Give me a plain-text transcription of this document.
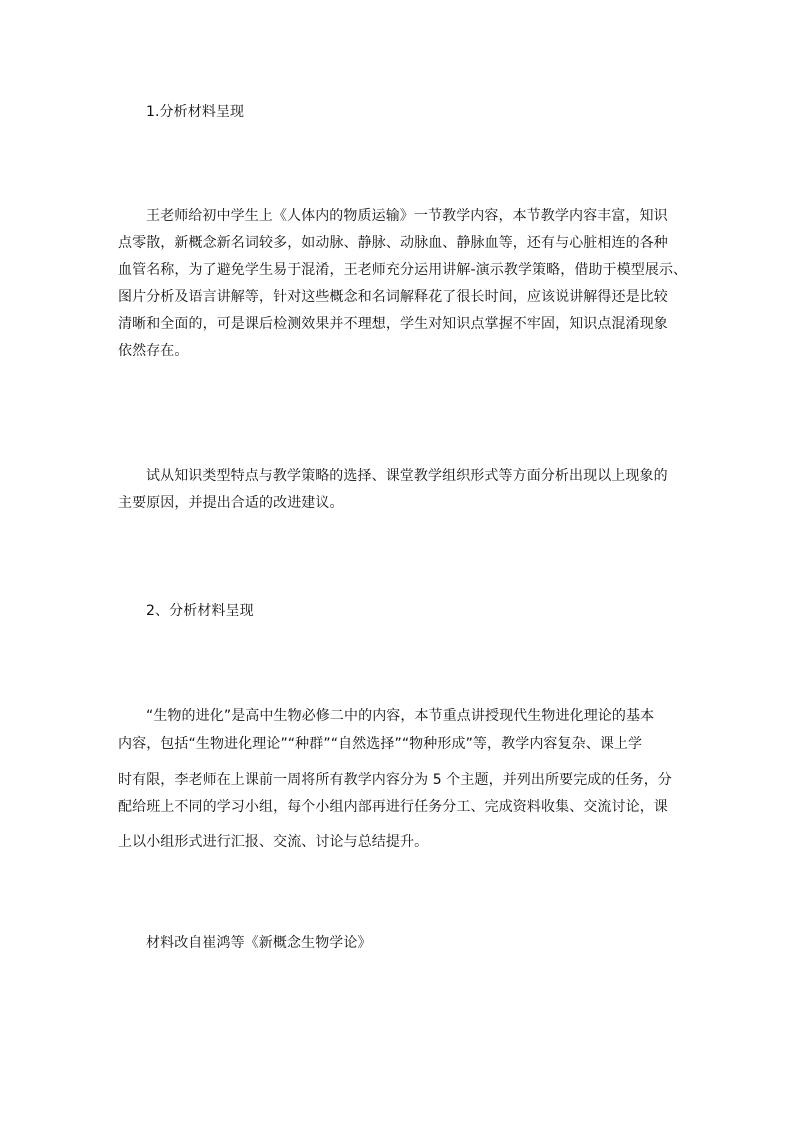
1.分析材料呈现
王老师给初中学生上《人体内的物质运输》一节教学内容，本节教学内容丰富，知识
点零散，新概念新名词较多，如动脉、静脉、动脉血、静脉血等，还有与心脏相连的各种
血管名称，为了避免学生易于混淆，王老师充分运用讲解-演示教学策略，借助于模型展示、
图片分析及语言讲解等，针对这些概念和名词解释花了很长时间，应该说讲解得还是比较
清晰和全面的，可是课后检测效果并不理想，学生对知识点掌握不牢固，知识点混淆现象
依然存在。
试从知识类型特点与教学策略的选择、课堂教学组织形式等方面分析出现以上现象的
主要原因，并提出合适的改进建议。
2、分析材料呈现
“生物的进化”是高中生物必修二中的内容，本节重点讲授现代生物进化理论的基本
内容，包括“生物进化理论”“种群”“自然选择”“物种形成”等，教学内容复杂、课上学
时有限，李老师在上课前一周将所有教学内容分为 5 个主题，并列出所要完成的任务，分
配给班上不同的学习小组，每个小组内部再进行任务分工、完成资料收集、交流讨论，课
上以小组形式进行汇报、交流、讨论与总结提升。
材料改自崔鸿等《新概念生物学论》
